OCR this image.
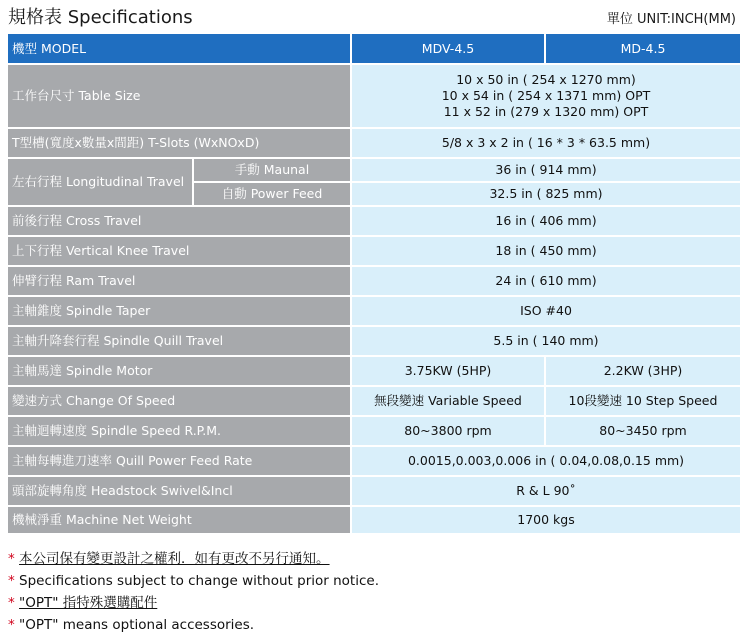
規格表 Specifications	單位 UNIT:INCH(MM)
機型 MODEL		MDV-4.5	MD-4.5
工作台尺寸 Table Size		10 x 50 in ( 254 x 1270 mm)
10 x 54 in ( 254 x 1371 mm) OPT
11 x 52 in (279 x 1320 mm) OPT	

T型槽(寬度x數量x間距) T-Slots (WxNOxD)		5/8 x 3 x 2 in ( 16 * 3 * 63.5 mm)	
左右行程 Longitudinal Travel	手動 Maunal	36 in ( 914 mm)	
	自動 Power Feed	32.5 in ( 825 mm)	
前後行程 Cross Travel		16 in ( 406 mm)	
上下行程 Vertical Knee Travel		18 in ( 450 mm)	
伸臂行程 Ram Travel		24 in ( 610 mm)	
主軸錐度 Spindle Taper		ISO #40	
主軸升降套行程 Spindle Quill Travel		5.5 in ( 140 mm)	
主軸馬達 Spindle Motor		3.75KW (5HP)	2.2KW (3HP)
變速方式 Change Of Speed		無段變速 Variable Speed	10段變速 10 Step Speed
主軸迴轉速度 Spindle Speed R.P.M.		80~3800 rpm	80~3450 rpm
主軸每轉進刀速率 Quill Power Feed Rate		0.0015,0.003,0.006 in ( 0.04,0.08,0.15 mm)	
頭部旋轉角度 Headstock Swivel&Incl		R & L 90˚	
機械淨重 Machine Net Weight		1700 kgs	
* 本公司保有變更設計之權利．如有更改不另行通知。
* Specifications subject to change without prior notice.
* "OPT" 指特殊選購配件
* "OPT" means optional accessories.
